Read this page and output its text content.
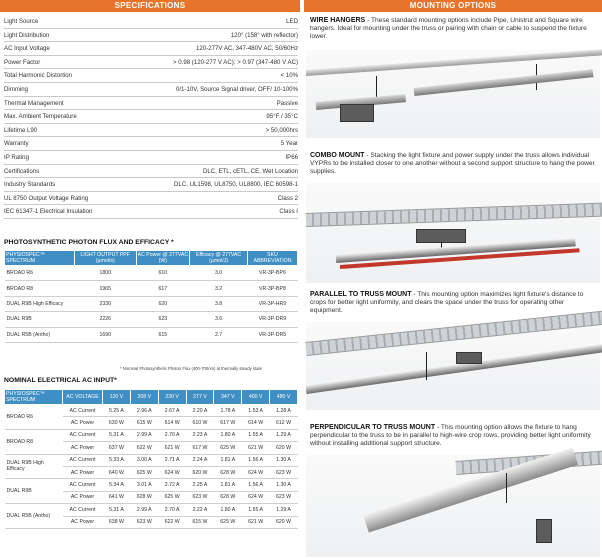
SPECIFICATIONS	MOUNTING OPTIONS
Light Source	LED
Light Distribution	120° (158° with reflector)
AC Input Voltage	120-277V AC, 347-480V AC, 50/60Hz
Power Factor	> 0.98 (120-277 V AC); > 0.97 (347-480 V AC)
Total Harmonic Distortion	< 10%
Dimming	0/1-10V, Source Signal driver, OFF/ 10-100%
Thermal Management	Passive
Max. Ambient Temperature	95°F / 35°C
Lifetime L90	> 50,000hrs
Warranty	5 Year
IP Rating	IP66
Certifications	DLC, ETL, cETL, CE, Wet Location
Industry Standards	DLC, UL1598, UL8750, UL8800, IEC 60598-1
UL 8750 Output Voltage Rating	Class 2
IEC 61347-1 Electrical Insulation	Class I
PHOTOSYNTHETIC PHOTON FLUX AND EFFICACY *
PHYSIOSPEC™ SPECTRUM	LIGHT OUTPUT PPF (µmol/s)	AC Power @ 277VAC (W)	Efficacy @ 277VAC (µmol/J)	SKU ABBREVIATION
BROAD R6	1800	610	3.0	VR-3P-BP6
BROAD R8	1965	617	3.2	VR-3P-BP8
DUAL R9B High Efficacy	2330	620	3.8	VR-3P-HR9
DUAL R9B	2226	623	3.6	VR-3P-DR9
DUAL R5B (Antho)	1690	615	2.7	VR-3P-DR5
* Nominal Photosynthetic Photon Flux (400-700nm) at thermally steady state
NOMINAL ELECTRICAL AC INPUT*
PHYSIOSPEC™ SPECTRUM	AC VOLTAGE	120 V	208 V	230 V	277 V	347 V	400 V	480 V
BROAD R6	AC Current	5.25 A	2.96 A	2.67 A	2.20 A	1.78 A	1.53 A	1.28 A
	AC Power	630 W	615 W	614 W	610 W	617 W	614 W	612 W
BROAD R8	AC Current	5.31 A	2.99 A	2.70 A	2.23 A	1.80 A	1.55 A	1.29 A
	AC Power	637 W	622 W	621 W	617 W	625 W	621 W	620 W
DUAL R9B High Efficacy	AC Current	5.33 A	3.00 A	2.71 A	2.24 A	1.81 A	1.56 A	1.30 A
	AC Power	640 W	625 W	624 W	620 W	628 W	624 W	623 W
DUAL R9B	AC Current	5.34 A	3.01 A	2.72 A	2.25 A	1.81 A	1.56 A	1.30 A
	AC Power	641 W	628 W	625 W	623 W	628 W	624 W	623 W
DUAL R5B (Antho)	AC Current	5.31 A	2.99 A	2.70 A	2.22 A	1.80 A	1.55 A	1.29 A
	AC Power	638 W	623 W	622 W	615 W	625 W	621 W	620 W
WIRE HANGERS - These standard mounting options include Pipe, Unistrut and Square wire hangers. Ideal for mounting under the truss or pairing with chain or cable to suspend the fixture lower.
COMBO MOUNT - Stacking the light fixture and power supply under the truss allows individual VYPRs to be installed closer to one another without a second support structure to hang the power supplies.
PARALLEL TO TRUSS MOUNT - This mounting option maximizes light fixture's distance to crops for better light uniformity, and clears the space under the truss for operating other equipment.
PERPENDICULAR TO TRUSS MOUNT - This mounting option allows the fixture to hang perpendicular to the truss to be in parallel to high-wire crop rows, providing better light uniformity without installing additional support structure.
